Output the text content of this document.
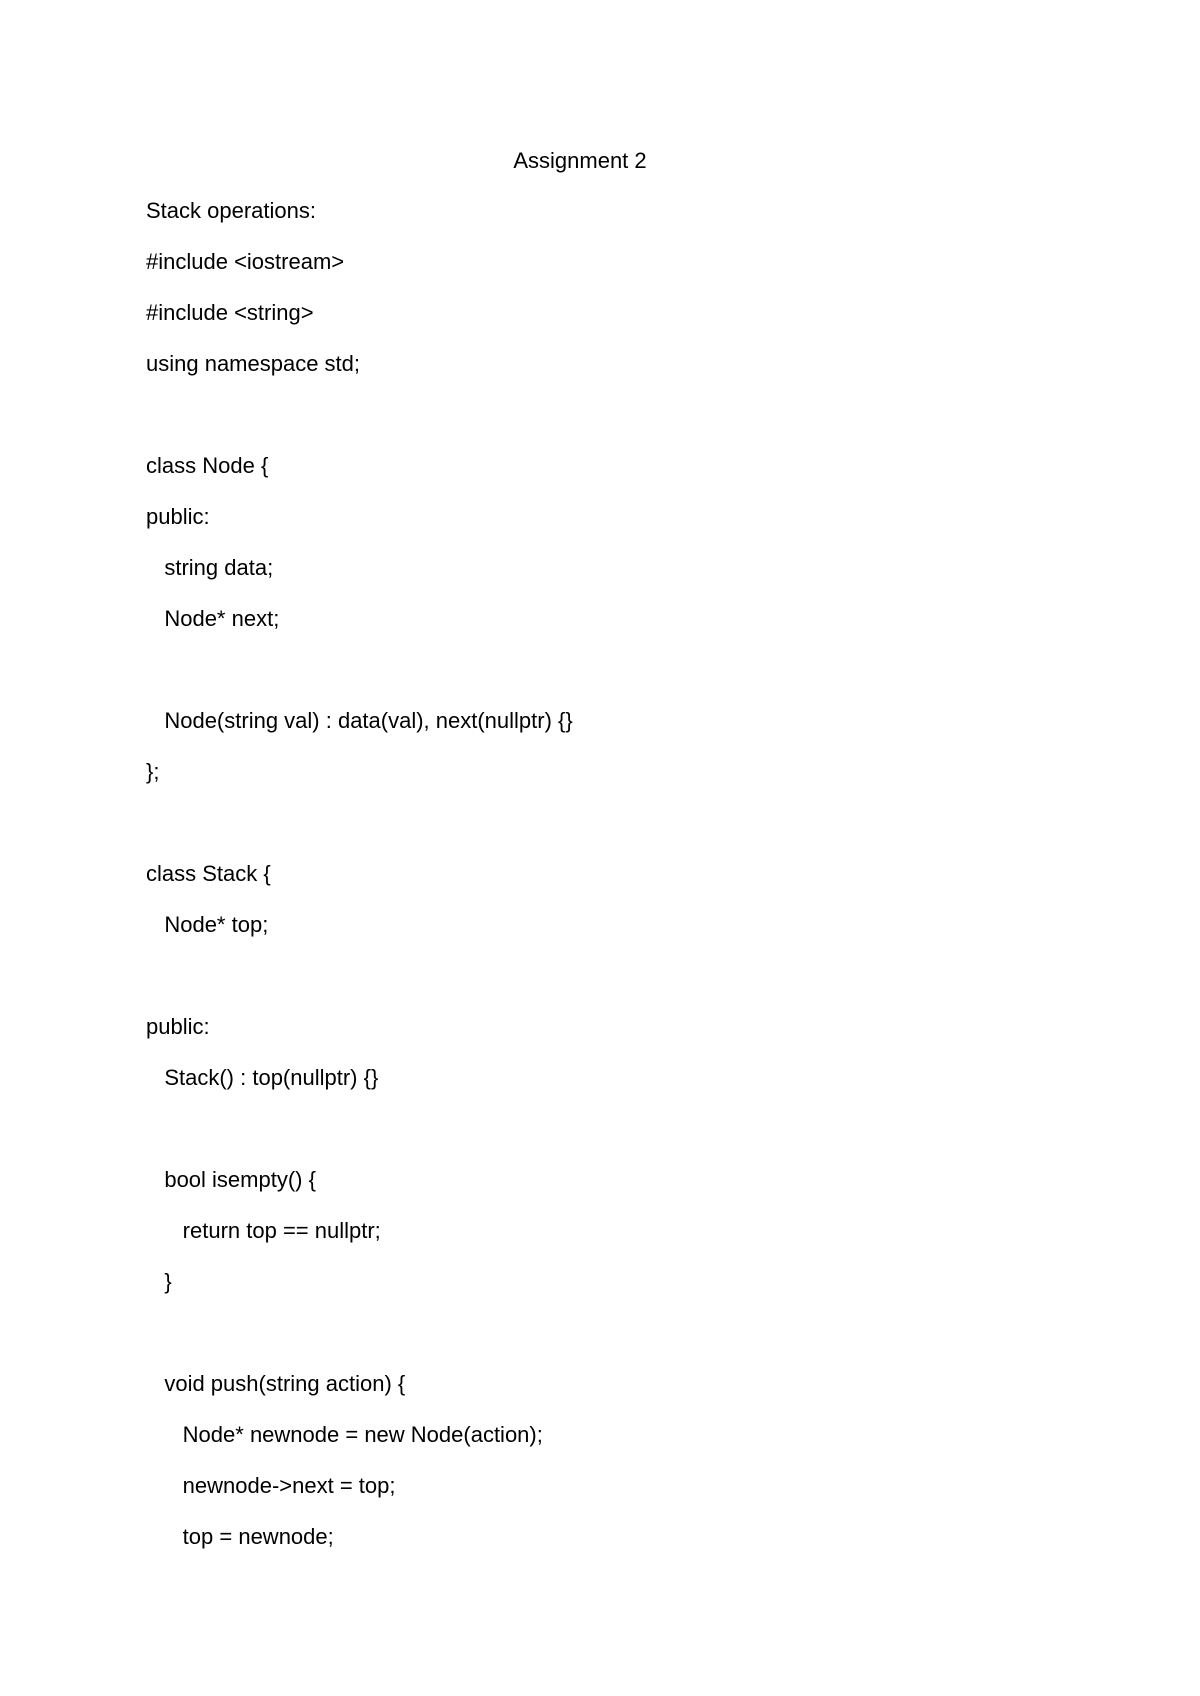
Assignment 2
Stack operations:
#include <iostream>
#include <string>
using namespace std;
class Node {
public:
string data;
Node* next;
Node(string val) : data(val), next(nullptr) {}
};
class Stack {
Node* top;
public:
Stack() : top(nullptr) {}
bool isempty() {
return top == nullptr;
}
void push(string action) {
Node* newnode = new Node(action);
newnode->next = top;
top = newnode;
